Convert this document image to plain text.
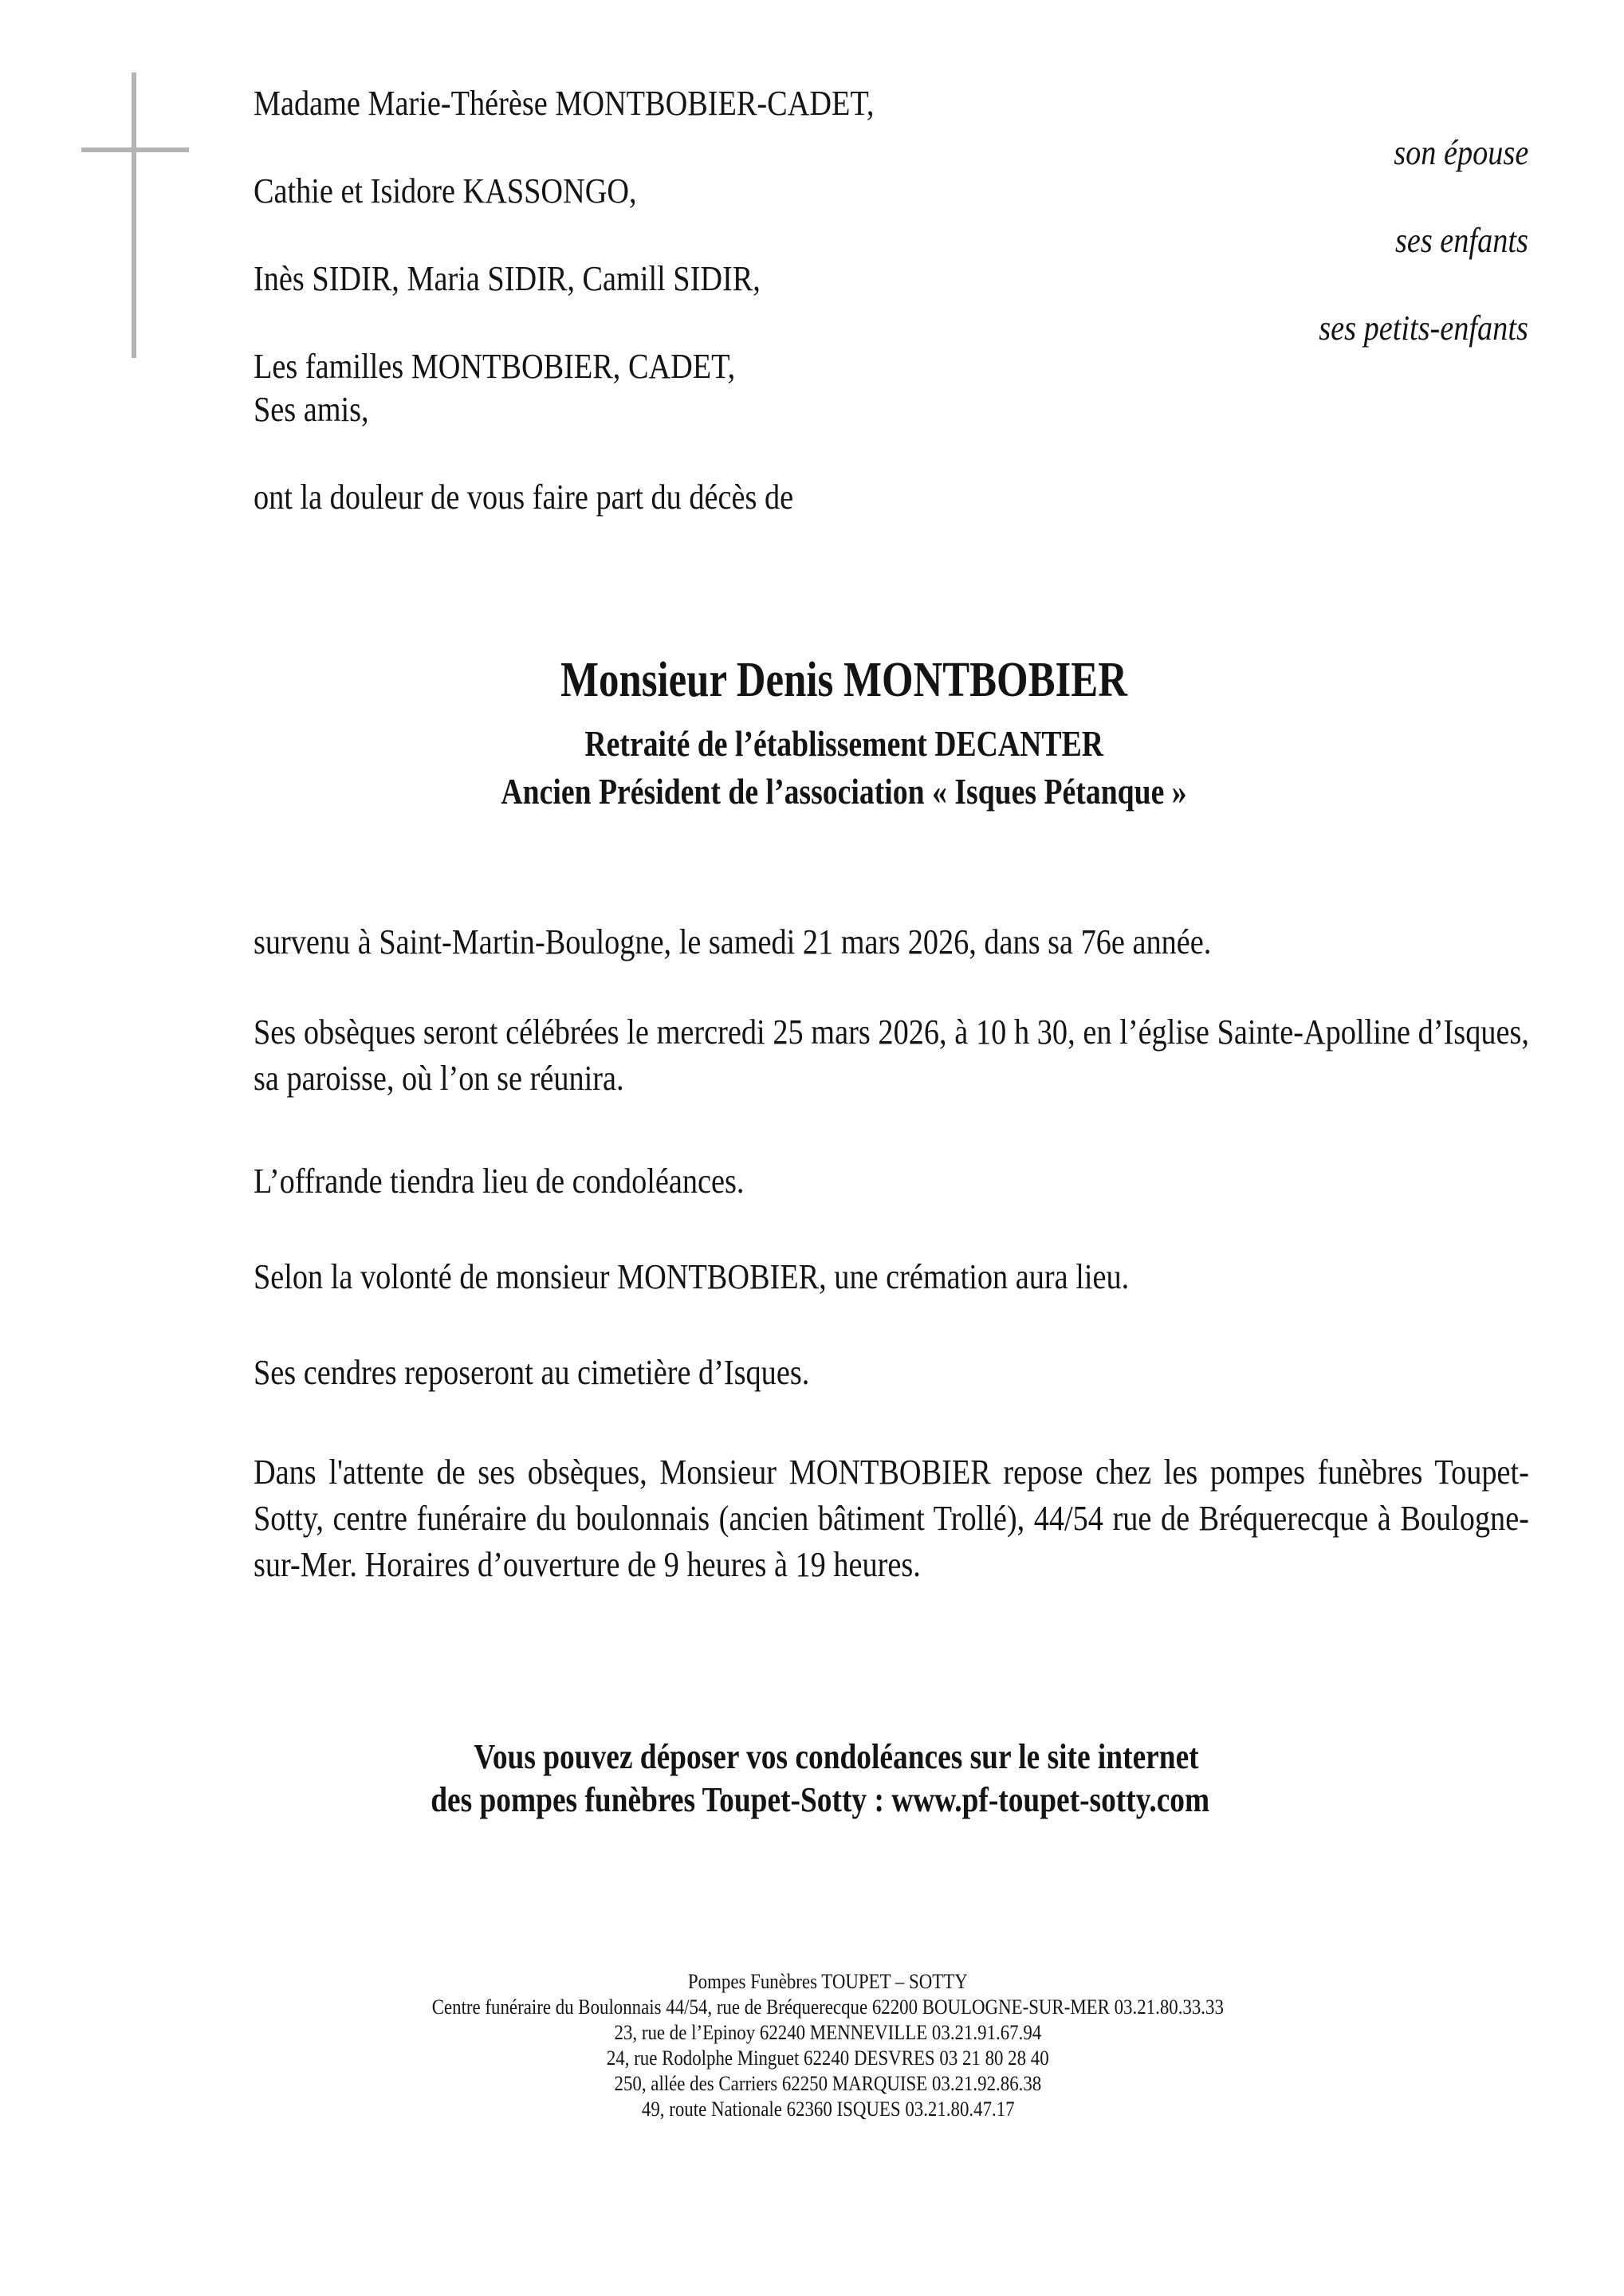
Madame Marie-Thérèse MONTBOBIER-CADET,
son épouse
Cathie et Isidore KASSONGO,
ses enfants
Inès SIDIR, Maria SIDIR, Camill SIDIR,
ses petits-enfants
Les familles MONTBOBIER, CADET,
Ses amis,
ont la douleur de vous faire part du décès de
Monsieur Denis MONTBOBIER
Retraité de l’établissement DECANTER
Ancien Président de l’association « Isques Pétanque »
survenu à Saint-Martin-Boulogne, le samedi 21 mars 2026, dans sa 76e année.
Ses obsèques seront célébrées le mercredi 25 mars 2026, à 10 h 30, en l’église Sainte-Apolline d’Isques, sa paroisse, où l’on se réunira.
L’offrande tiendra lieu de condoléances.
Selon la volonté de monsieur MONTBOBIER, une crémation aura lieu.
Ses cendres reposeront au cimetière d’Isques.
Dans l'attente de ses obsèques, Monsieur MONTBOBIER repose chez les pompes funèbres Toupet-Sotty, centre funéraire du boulonnais (ancien bâtiment Trollé), 44/54 rue de Bréquerecque à Boulogne-sur-Mer. Horaires d’ouverture de 9 heures à 19 heures.
Vous pouvez déposer vos condoléances sur le site internet
des pompes funèbres Toupet-Sotty : www.pf-toupet-sotty.com
Pompes Funèbres TOUPET – SOTTY
Centre funéraire du Boulonnais 44/54, rue de Bréquerecque 62200 BOULOGNE-SUR-MER 03.21.80.33.33
23, rue de l’Epinoy 62240 MENNEVILLE 03.21.91.67.94
24, rue Rodolphe Minguet 62240 DESVRES 03 21 80 28 40
250, allée des Carriers 62250 MARQUISE 03.21.92.86.38
49, route Nationale 62360 ISQUES 03.21.80.47.17
